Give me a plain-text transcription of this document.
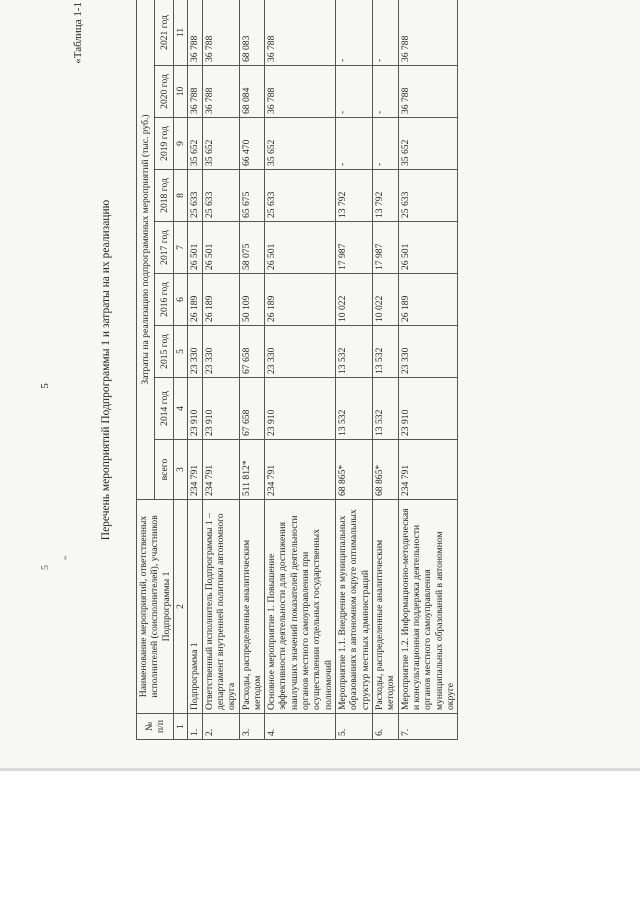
5
5
“
«Таблица 1-1
Перечень мероприятий Подпрограммы 1 и затраты на их реализацию
№ п/п	Наименование мероприятий, ответственных исполнителей (соисполнителей), участников Подпрограммы 1	Затраты на реализацию подпрограммных мероприятий (тыс. руб.)								
		всего	2014 год	2015 год	2016 год	2017 год	2018 год	2019 год	2020 год	2021 год
1	2	3	4	5	6	7	8	9	10	11
1.	Подпрограмма 1	234 791	23 910	23 330	26 189	26 501	25 633	35 652	36 788	36 788
2.	Ответственный исполнитель Подпрограммы 1 – департамент внутренней политики автономного округа	234 791	23 910	23 330	26 189	26 501	25 633	35 652	36 788	36 788
3.	Расходы, распределенные аналитическим методом	511 812*	67 658	67 658	50 109	58 075	65 675	66 470	68 084	68 083
4.	Основное мероприятие 1. Повышение эффективности деятельности для достижения наилучших значений показателей деятельности органов местного самоуправления при осуществлении отдельных государственных полномочий	234 791	23 910	23 330	26 189	26 501	25 633	35 652	36 788	36 788
5.	Мероприятие 1.1. Внедрение в муниципальных образованиях в автономном округе оптимальных структур местных администраций	68 865*	13 532	13 532	10 022	17 987	13 792	-	-	-
6.	Расходы, распределенные аналитическим методом	68 865*	13 532	13 532	10 022	17 987	13 792	-	-	-
7.	Мероприятие 1.2. Информационно-методическая и консультационная поддержка деятельности органов местного самоуправления муниципальных образований в автономном округе	234 791	23 910	23 330	26 189	26 501	25 633	35 652	36 788	36 788
